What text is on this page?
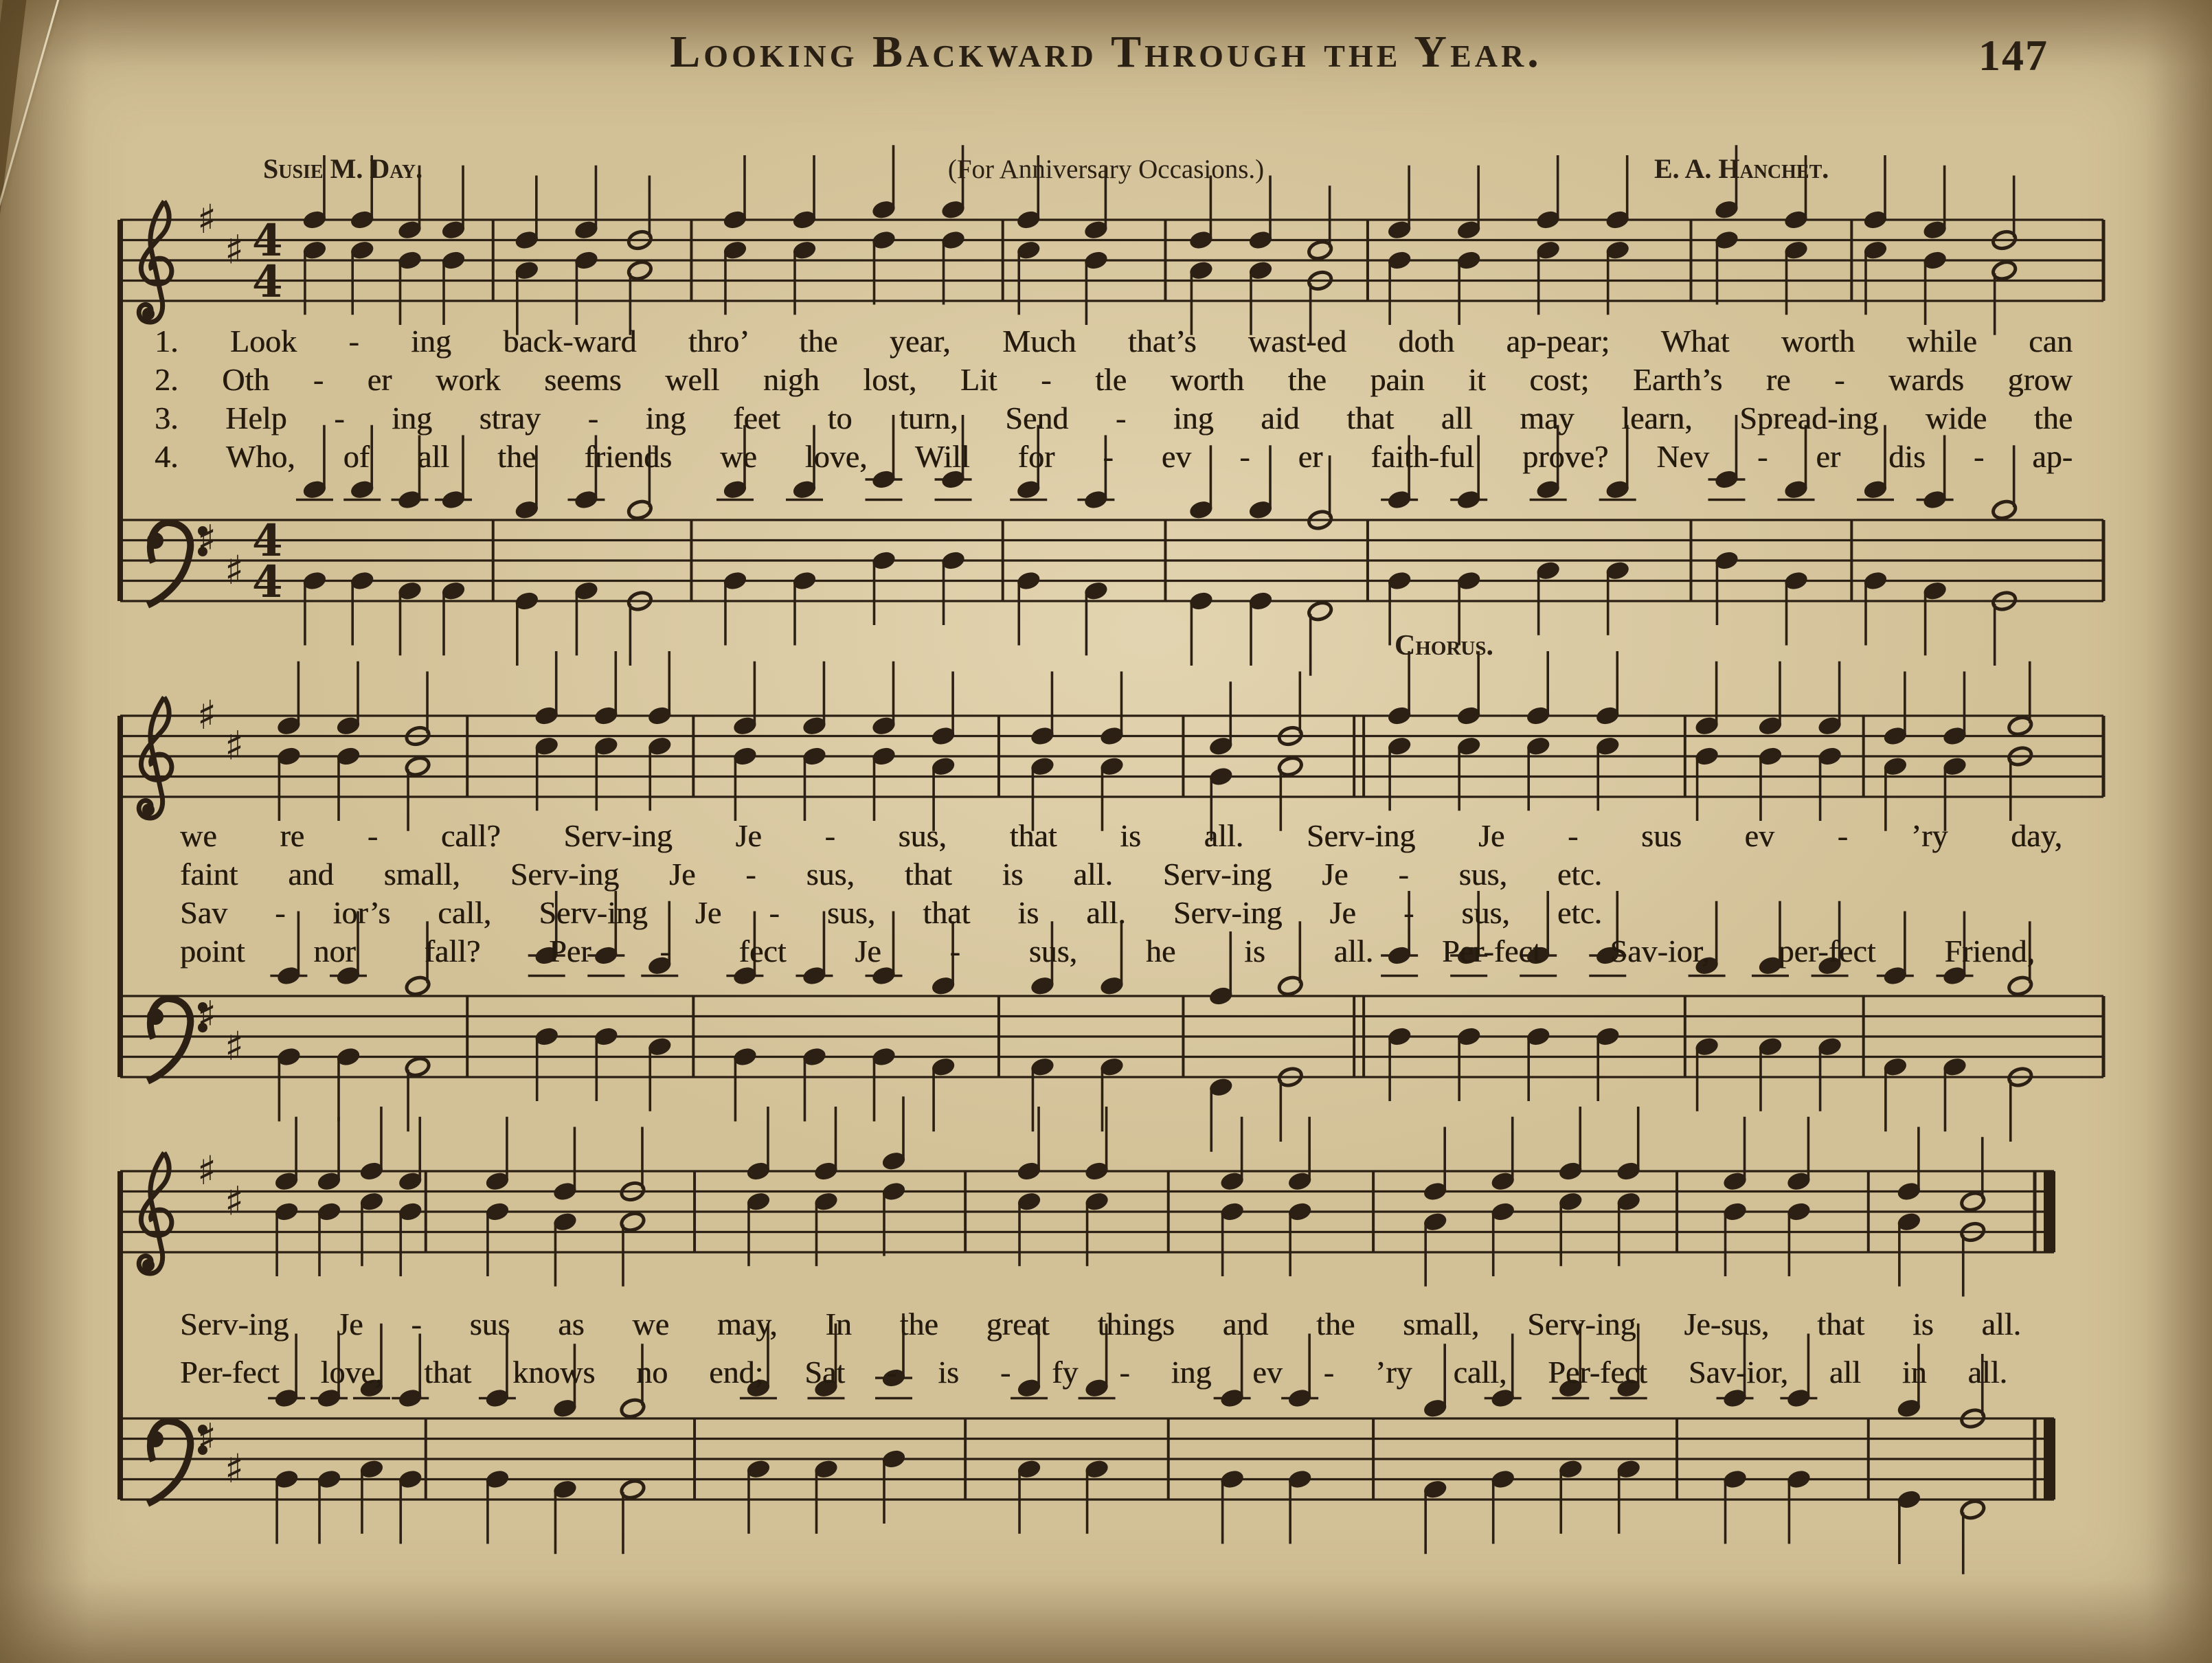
Looking Backward Through the Year.	147
Susie M. Day.	(For Anniversary Occasions.)	E. A. Hanchet.
Chorus.
♯
♯ 4
4
♯
♯
4
4
♯
♯
♯
♯
♯
♯
♯
♯
1. Look - ing back-ward thro’ the year, Much that’s wast-ed doth ap-pear; What worth while can
2. Oth - er work seems well nigh lost, Lit - tle worth the pain it cost; Earth’s re - wards grow
3. Help - ing stray - ing feet to turn, Send - ing aid that all may learn, Spread-ing wide the
4. Who, of all the friends we love, Will for - ev - er faith-ful prove? Nev - er dis - ap-
we re - call? Serv-ing Je - sus, that is all. Serv-ing Je - sus ev - ’ry day,
faint and small, Serv-ing Je - sus, that is all. Serv-ing Je - sus, etc.
Sav - ior’s call, Serv-ing Je - sus, that is all. Serv-ing Je - sus, etc.
point nor fall? Per - fect Je - sus, he is all. Per-fect Sav-ior, per-fect Friend,
Serv-ing Je - sus as we may, In the great things and the small, Serv-ing Je-sus, that is all.
Per-fect love, that knows no end; Sat - is - fy - ing ev - ’ry call, Per-fect Sav-ior, all in all.
